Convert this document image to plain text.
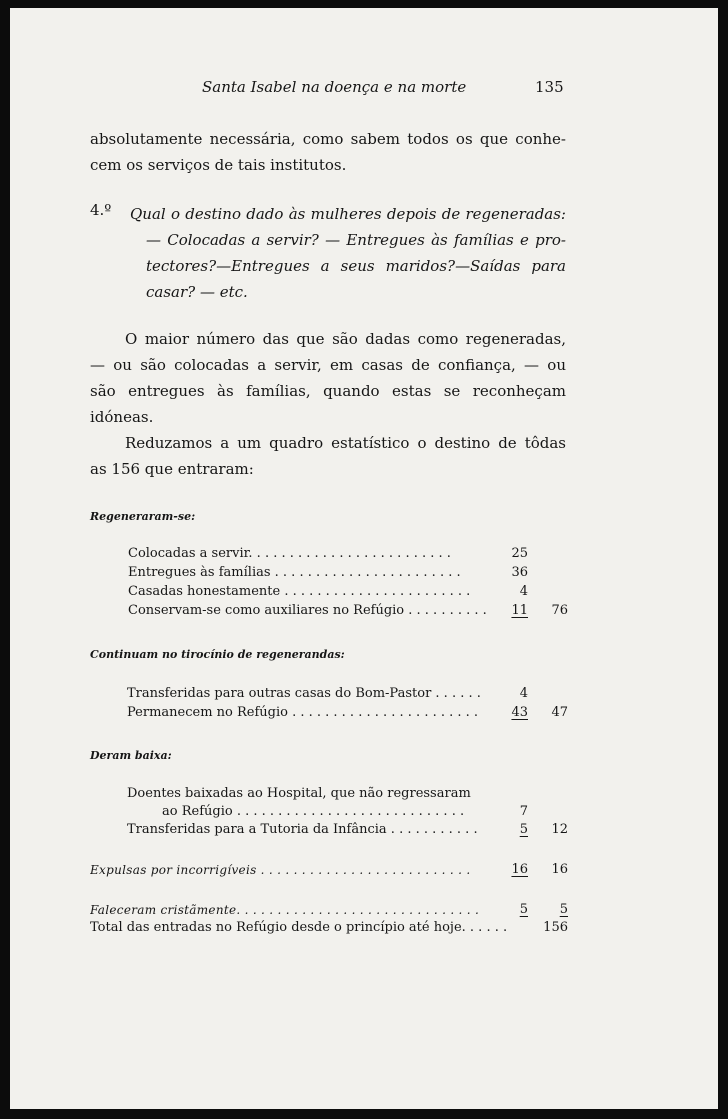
Santa Isabel na doença e na morte	135

absolutamente necessária, como sabem todos os que conhe-

cem os serviços de tais institutos.

4.º Qual o destino dado às mulheres depois de regeneradas:
— Colocadas a servir? — Entregues às famílias e pro-
tectores?—Entregues a seus maridos?—Saídas para
casar? — etc.

O maior número das que são dadas como regeneradas,

— ou são colocadas a servir, em casas de confiança, — ou

são entregues às famílias, quando estas se reconheçam

idóneas.

Reduzamos a um quadro estatístico o destino de tôdas

as 156 que entraram:

Regeneraram-se:
Colocadas a servir. . . . . . . . . . . . . . . . . . . . . . . . .	25
Entregues às famílias . . . . . . . . . . . . . . . . . . . . . . .	36
Casadas honestamente . . . . . . . . . . . . . . . . . . . . . . .	4
Conservam-se como auxiliares no Refúgio . . . . . . . . . .	11	76
Continuam no tirocínio de regenerandas:
Transferidas para outras casas do Bom-Pastor . . . . . .	4
Permanecem no Refúgio . . . . . . . . . . . . . . . . . . . . . . .	43	47
Deram baixa:
Doentes baixadas ao Hospital, que não regressaram
ao Refúgio . . . . . . . . . . . . . . . . . . . . . . . . . . . .	7
Transferidas para a Tutoria da Infância . . . . . . . . . . .	5	12
Expulsas por incorrigíveis . . . . . . . . . . . . . . . . . . . . . . . . . .	16	16
Faleceram cristãmente. . . . . . . . . . . . . . . . . . . . . . . . . . . . . .	5	5
Total das entradas no Refúgio desde o princípio até hoje. . . . . .	156
